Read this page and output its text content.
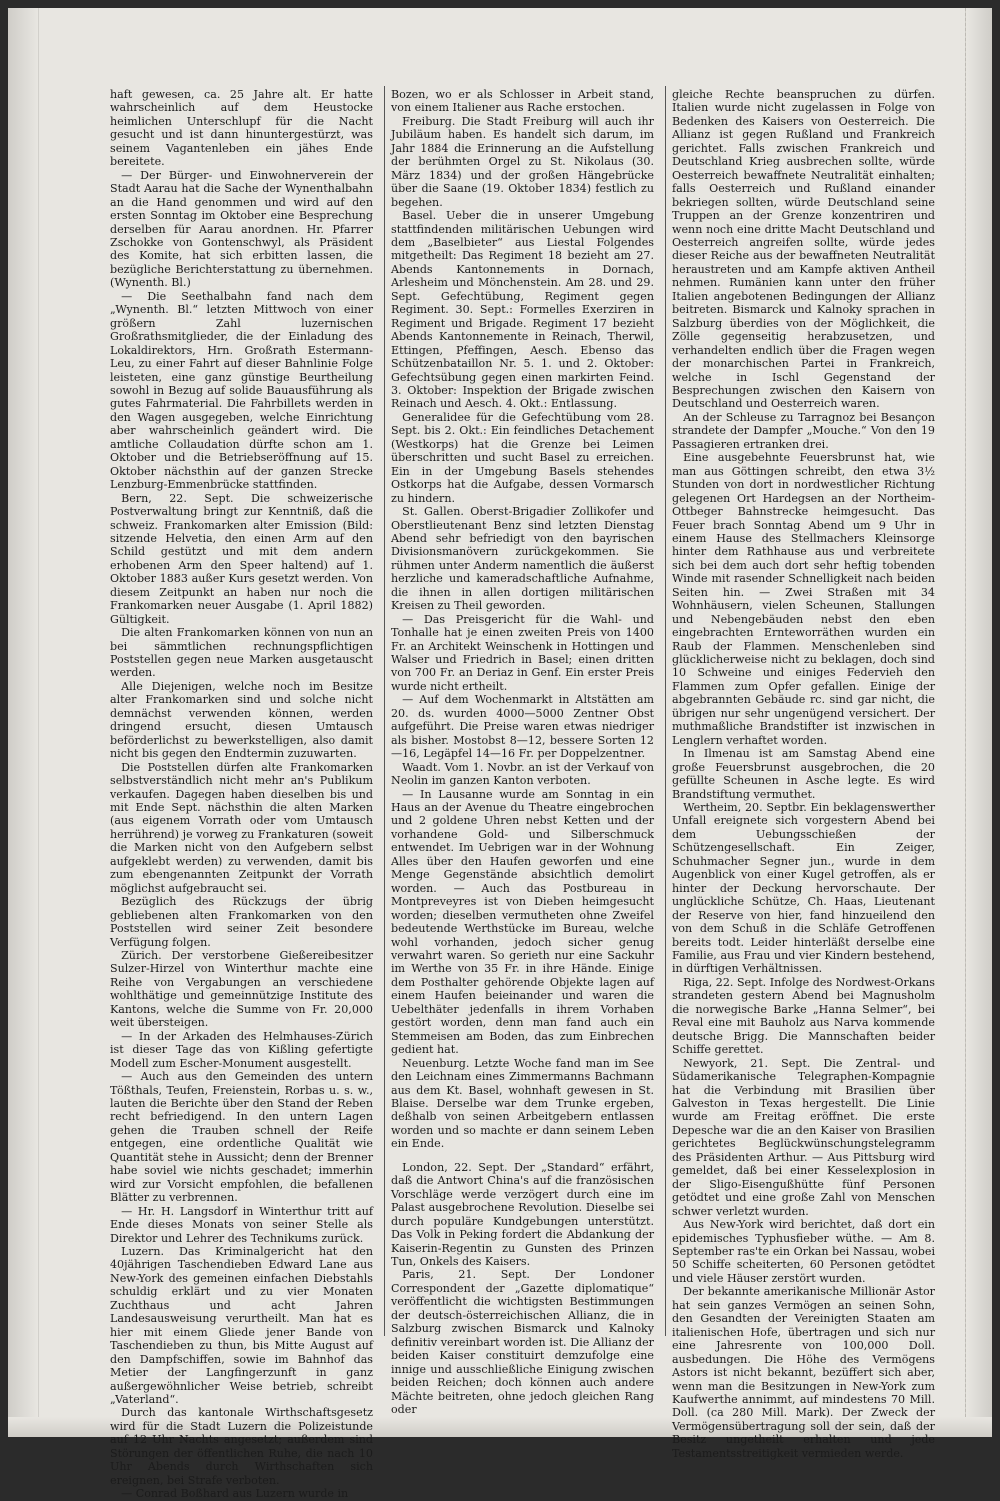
haft gewesen, ca. 25 Jahre alt. Er hatte wahrscheinlich auf dem Heustocke heimlichen Unterschlupf für die Nacht gesucht und ist dann hinuntergestürzt, was seinem Vagantenleben ein jähes Ende bereitete.

— Der Bürger- und Einwohnerverein der Stadt Aarau hat die Sache der Wynenthalbahn an die Hand genommen und wird auf den ersten Sonntag im Oktober eine Besprechung derselben für Aarau anordnen. Hr. Pfarrer Zschokke von Gontenschwyl, als Präsident des Komite, hat sich erbitten lassen, die bezügliche Berichterstattung zu übernehmen. (Wynenth. Bl.)

— Die Seethalbahn fand nach dem „Wynenth. Bl.“ letzten Mittwoch von einer größern Zahl luzernischen Großrathsmitglieder, die der Einladung des Lokaldirektors, Hrn. Großrath Estermann-Leu, zu einer Fahrt auf dieser Bahnlinie Folge leisteten, eine ganz günstige Beurtheilung sowohl in Bezug auf solide Bauausführung als gutes Fahrmaterial. Die Fahrbillets werden in den Wagen ausgegeben, welche Einrichtung aber wahrscheinlich geändert wird. Die amtliche Collaudation dürfte schon am 1. Oktober und die Betriebseröffnung auf 15. Oktober nächsthin auf der ganzen Strecke Lenzburg-Emmenbrücke stattfinden.

Bern, 22. Sept. Die schweizerische Postverwaltung bringt zur Kenntniß, daß die schweiz. Frankomarken alter Emission (Bild: sitzende Helvetia, den einen Arm auf den Schild gestützt und mit dem andern erhobenen Arm den Speer haltend) auf 1. Oktober 1883 außer Kurs gesetzt werden. Von diesem Zeitpunkt an haben nur noch die Frankomarken neuer Ausgabe (1. April 1882) Gültigkeit.

Die alten Frankomarken können von nun an bei sämmtlichen rechnungspflichtigen Poststellen gegen neue Marken ausgetauscht werden.

Alle Diejenigen, welche noch im Besitze alter Frankomarken sind und solche nicht demnächst verwenden können, werden dringend ersucht, diesen Umtausch beförderlichst zu bewerkstelligen, also damit nicht bis gegen den Endtermin zuzuwarten.

Die Poststellen dürfen alte Frankomarken selbstverständlich nicht mehr an's Publikum verkaufen. Dagegen haben dieselben bis und mit Ende Sept. nächsthin die alten Marken (aus eigenem Vorrath oder vom Umtausch herrührend) je vorweg zu Frankaturen (soweit die Marken nicht von den Aufgebern selbst aufgeklebt werden) zu verwenden, damit bis zum ebengenannten Zeitpunkt der Vorrath möglichst aufgebraucht sei.

Bezüglich des Rückzugs der übrig gebliebenen alten Frankomarken von den Poststellen wird seiner Zeit besondere Verfügung folgen.

Zürich. Der verstorbene Gießereibesitzer Sulzer-Hirzel von Winterthur machte eine Reihe von Vergabungen an verschiedene wohlthätige und gemeinnützige Institute des Kantons, welche die Summe von Fr. 20,000 weit übersteigen.

— In der Arkaden des Helmhauses-Zürich ist dieser Tage das von Kißling gefertigte Modell zum Escher-Monument ausgestellt.

— Auch aus den Gemeinden des untern Tößthals, Teufen, Freienstein, Rorbas u. s. w., lauten die Berichte über den Stand der Reben recht befriedigend. In den untern Lagen gehen die Trauben schnell der Reife entgegen, eine ordentliche Qualität wie Quantität stehe in Aussicht; denn der Brenner habe soviel wie nichts geschadet; immerhin wird zur Vorsicht empfohlen, die befallenen Blätter zu verbrennen.

— Hr. H. Langsdorf in Winterthur tritt auf Ende dieses Monats von seiner Stelle als Direktor und Lehrer des Technikums zurück.

Luzern. Das Kriminalgericht hat den 40jährigen Taschendieben Edward Lane aus New-York des gemeinen einfachen Diebstahls schuldig erklärt und zu vier Monaten Zuchthaus und acht Jahren Landesausweisung verurtheilt. Man hat es hier mit einem Gliede jener Bande von Taschendieben zu thun, bis Mitte August auf den Dampfschiffen, sowie im Bahnhof das Metier der Langfingerzunft in ganz außergewöhnlicher Weise betrieb, schreibt „Vaterland“.

Durch das kantonale Wirthschaftsgesetz wird für die Stadt Luzern die Polizeistunde auf 12 Uhr Nachts angesetzt; außerdem sind Störungen der öffentlichen Ruhe, die nach 10 Uhr Abends durch Wirthschaften sich ereignen, bei Strafe verboten.

— Conrad Boßhard aus Luzern wurde in

Bozen, wo er als Schlosser in Arbeit stand, von einem Italiener aus Rache erstochen.

Freiburg. Die Stadt Freiburg will auch ihr Jubiläum haben. Es handelt sich darum, im Jahr 1884 die Erinnerung an die Aufstellung der berühmten Orgel zu St. Nikolaus (30. März 1834) und der großen Hängebrücke über die Saane (19. Oktober 1834) festlich zu begehen.

Basel. Ueber die in unserer Umgebung stattfindenden militärischen Uebungen wird dem „Baselbieter“ aus Liestal Folgendes mitgetheilt: Das Regiment 18 bezieht am 27. Abends Kantonnements in Dornach, Arlesheim und Mönchenstein. Am 28. und 29. Sept. Gefechtübung, Regiment gegen Regiment. 30. Sept.: Formelles Exerziren in Regiment und Brigade. Regiment 17 bezieht Abends Kantonnemente in Reinach, Therwil, Ettingen, Pfeffingen, Aesch. Ebenso das Schützenbataillon Nr. 5. 1. und 2. Oktober: Gefechtsübung gegen einen markirten Feind. 3. Oktober: Inspektion der Brigade zwischen Reinach und Aesch. 4. Okt.: Entlassung.

Generalidee für die Gefechtübung vom 28. Sept. bis 2. Okt.: Ein feindliches Detachement (Westkorps) hat die Grenze bei Leimen überschritten und sucht Basel zu erreichen. Ein in der Umgebung Basels stehendes Ostkorps hat die Aufgabe, dessen Vormarsch zu hindern.

St. Gallen. Oberst-Brigadier Zollikofer und Oberstlieutenant Benz sind letzten Dienstag Abend sehr befriedigt von den bayrischen Divisionsmanövern zurückgekommen. Sie rühmen unter Anderm namentlich die äußerst herzliche und kameradschaftliche Aufnahme, die ihnen in allen dortigen militärischen Kreisen zu Theil geworden.

— Das Preisgericht für die Wahl- und Tonhalle hat je einen zweiten Preis von 1400 Fr. an Architekt Weinschenk in Hottingen und Walser und Friedrich in Basel; einen dritten von 700 Fr. an Deriaz in Genf. Ein erster Preis wurde nicht ertheilt.

— Auf dem Wochenmarkt in Altstätten am 20. ds. wurden 4000—5000 Zentner Obst aufgeführt. Die Preise waren etwas niedriger als bisher. Mostobst 8—12, bessere Sorten 12—16, Legäpfel 14—16 Fr. per Doppelzentner.

Waadt. Vom 1. Novbr. an ist der Verkauf von Neolin im ganzen Kanton verboten.

— In Lausanne wurde am Sonntag in ein Haus an der Avenue du Theatre eingebrochen und 2 goldene Uhren nebst Ketten und der vorhandene Gold- und Silberschmuck entwendet. Im Uebrigen war in der Wohnung Alles über den Haufen geworfen und eine Menge Gegenstände absichtlich demolirt worden. — Auch das Postbureau in Montpreveyres ist von Dieben heimgesucht worden; dieselben vermutheten ohne Zweifel bedeutende Werthstücke im Bureau, welche wohl vorhanden, jedoch sicher genug verwahrt waren. So gerieth nur eine Sackuhr im Werthe von 35 Fr. in ihre Hände. Einige dem Posthalter gehörende Objekte lagen auf einem Haufen beieinander und waren die Uebelthäter jedenfalls in ihrem Vorhaben gestört worden, denn man fand auch ein Stemmeisen am Boden, das zum Einbrechen gedient hat.

Neuenburg. Letzte Woche fand man im See den Leichnam eines Zimmermanns Bachmann aus dem Kt. Basel, wohnhaft gewesen in St. Blaise. Derselbe war dem Trunke ergeben, deßhalb von seinen Arbeitgebern entlassen worden und so machte er dann seinem Leben ein Ende.

London, 22. Sept. Der „Standard“ erfährt, daß die Antwort China's auf die französischen Vorschläge werde verzögert durch eine im Palast ausgebrochene Revolution. Dieselbe sei durch populäre Kundgebungen unterstützt. Das Volk in Peking fordert die Abdankung der Kaiserin-Regentin zu Gunsten des Prinzen Tun, Onkels des Kaisers.

Paris, 21. Sept. Der Londoner Correspondent der „Gazette diplomatique“ veröffentlicht die wichtigsten Bestimmungen der deutsch-österreichischen Allianz, die in Salzburg zwischen Bismarck und Kalnoky definitiv vereinbart worden ist. Die Allianz der beiden Kaiser constituirt demzufolge eine innige und ausschließliche Einigung zwischen beiden Reichen; doch können auch andere Mächte beitreten, ohne jedoch gleichen Rang oder

gleiche Rechte beanspruchen zu dürfen. Italien wurde nicht zugelassen in Folge von Bedenken des Kaisers von Oesterreich. Die Allianz ist gegen Rußland und Frankreich gerichtet. Falls zwischen Frankreich und Deutschland Krieg ausbrechen sollte, würde Oesterreich bewaffnete Neutralität einhalten; falls Oesterreich und Rußland einander bekriegen sollten, würde Deutschland seine Truppen an der Grenze konzentriren und wenn noch eine dritte Macht Deutschland und Oesterreich angreifen sollte, würde jedes dieser Reiche aus der bewaffneten Neutralität heraustreten und am Kampfe aktiven Antheil nehmen. Rumänien kann unter den früher Italien angebotenen Bedingungen der Allianz beitreten. Bismarck und Kalnoky sprachen in Salzburg überdies von der Möglichkeit, die Zölle gegenseitig herabzusetzen, und verhandelten endlich über die Fragen wegen der monarchischen Partei in Frankreich, welche in Ischl Gegenstand der Besprechungen zwischen den Kaisern von Deutschland und Oesterreich waren.

An der Schleuse zu Tarragnoz bei Besançon strandete der Dampfer „Mouche.“ Von den 19 Passagieren ertranken drei.

Eine ausgebehnte Feuersbrunst hat, wie man aus Göttingen schreibt, den etwa 3½ Stunden von dort in nordwestlicher Richtung gelegenen Ort Hardegsen an der Northeim-Ottbeger Bahnstrecke heimgesucht. Das Feuer brach Sonntag Abend um 9 Uhr in einem Hause des Stellmachers Kleinsorge hinter dem Rathhause aus und verbreitete sich bei dem auch dort sehr heftig tobenden Winde mit rasender Schnelligkeit nach beiden Seiten hin. — Zwei Straßen mit 34 Wohnhäusern, vielen Scheunen, Stallungen und Nebengebäuden nebst den eben eingebrachten Ernteworräthen wurden ein Raub der Flammen. Menschenleben sind glücklicherweise nicht zu beklagen, doch sind 10 Schweine und einiges Federvieh den Flammen zum Opfer gefallen. Einige der abgebrannten Gebäude rc. sind gar nicht, die übrigen nur sehr ungenügend versichert. Der muthmaßliche Brandstifter ist inzwischen in Lenglern verhaftet worden.

In Ilmenau ist am Samstag Abend eine große Feuersbrunst ausgebrochen, die 20 gefüllte Scheunen in Asche legte. Es wird Brandstiftung vermuthet.

Wertheim, 20. Septbr. Ein beklagenswerther Unfall ereignete sich vorgestern Abend bei dem Uebungsschießen der Schützengesellschaft. Ein Zeiger, Schuhmacher Segner jun., wurde in dem Augenblick von einer Kugel getroffen, als er hinter der Deckung hervorschaute. Der unglückliche Schütze, Ch. Haas, Lieutenant der Reserve von hier, fand hinzueilend den von dem Schuß in die Schläfe Getroffenen bereits todt. Leider hinterläßt derselbe eine Familie, aus Frau und vier Kindern bestehend, in dürftigen Verhältnissen.

Riga, 22. Sept. Infolge des Nordwest-Orkans strandeten gestern Abend bei Magnusholm die norwegische Barke „Hanna Selmer“, bei Reval eine mit Bauholz aus Narva kommende deutsche Brigg. Die Mannschaften beider Schiffe gerettet.

Newyork, 21. Sept. Die Zentral- und Südamerikanische Telegraphen-Kompagnie hat die Verbindung mit Brasilien über Galveston in Texas hergestellt. Die Linie wurde am Freitag eröffnet. Die erste Depesche war die an den Kaiser von Brasilien gerichtetes Beglückwünschungstelegramm des Präsidenten Arthur. — Aus Pittsburg wird gemeldet, daß bei einer Kesselexplosion in der Sligo-Eisengußhütte fünf Personen getödtet und eine große Zahl von Menschen schwer verletzt wurden.

Aus New-York wird berichtet, daß dort ein epidemisches Typhusfieber wüthe. — Am 8. September ras'te ein Orkan bei Nassau, wobei 50 Schiffe scheiterten, 60 Personen getödtet und viele Häuser zerstört wurden.

Der bekannte amerikanische Millionär Astor hat sein ganzes Vermögen an seinen Sohn, den Gesandten der Vereinigten Staaten am italienischen Hofe, übertragen und sich nur eine Jahresrente von 100,000 Doll. ausbedungen. Die Höhe des Vermögens Astors ist nicht bekannt, bezüffert sich aber, wenn man die Besitzungen in New-York zum Kaufwerthe annimmt, auf mindestens 70 Mill. Doll. (ca 280 Mill. Mark). Der Zweck der Vermögensübertragung soll der sein, daß der Besitz ungetheilt erhalten und jede Testamentsstreitigkeit vermieden werde.
